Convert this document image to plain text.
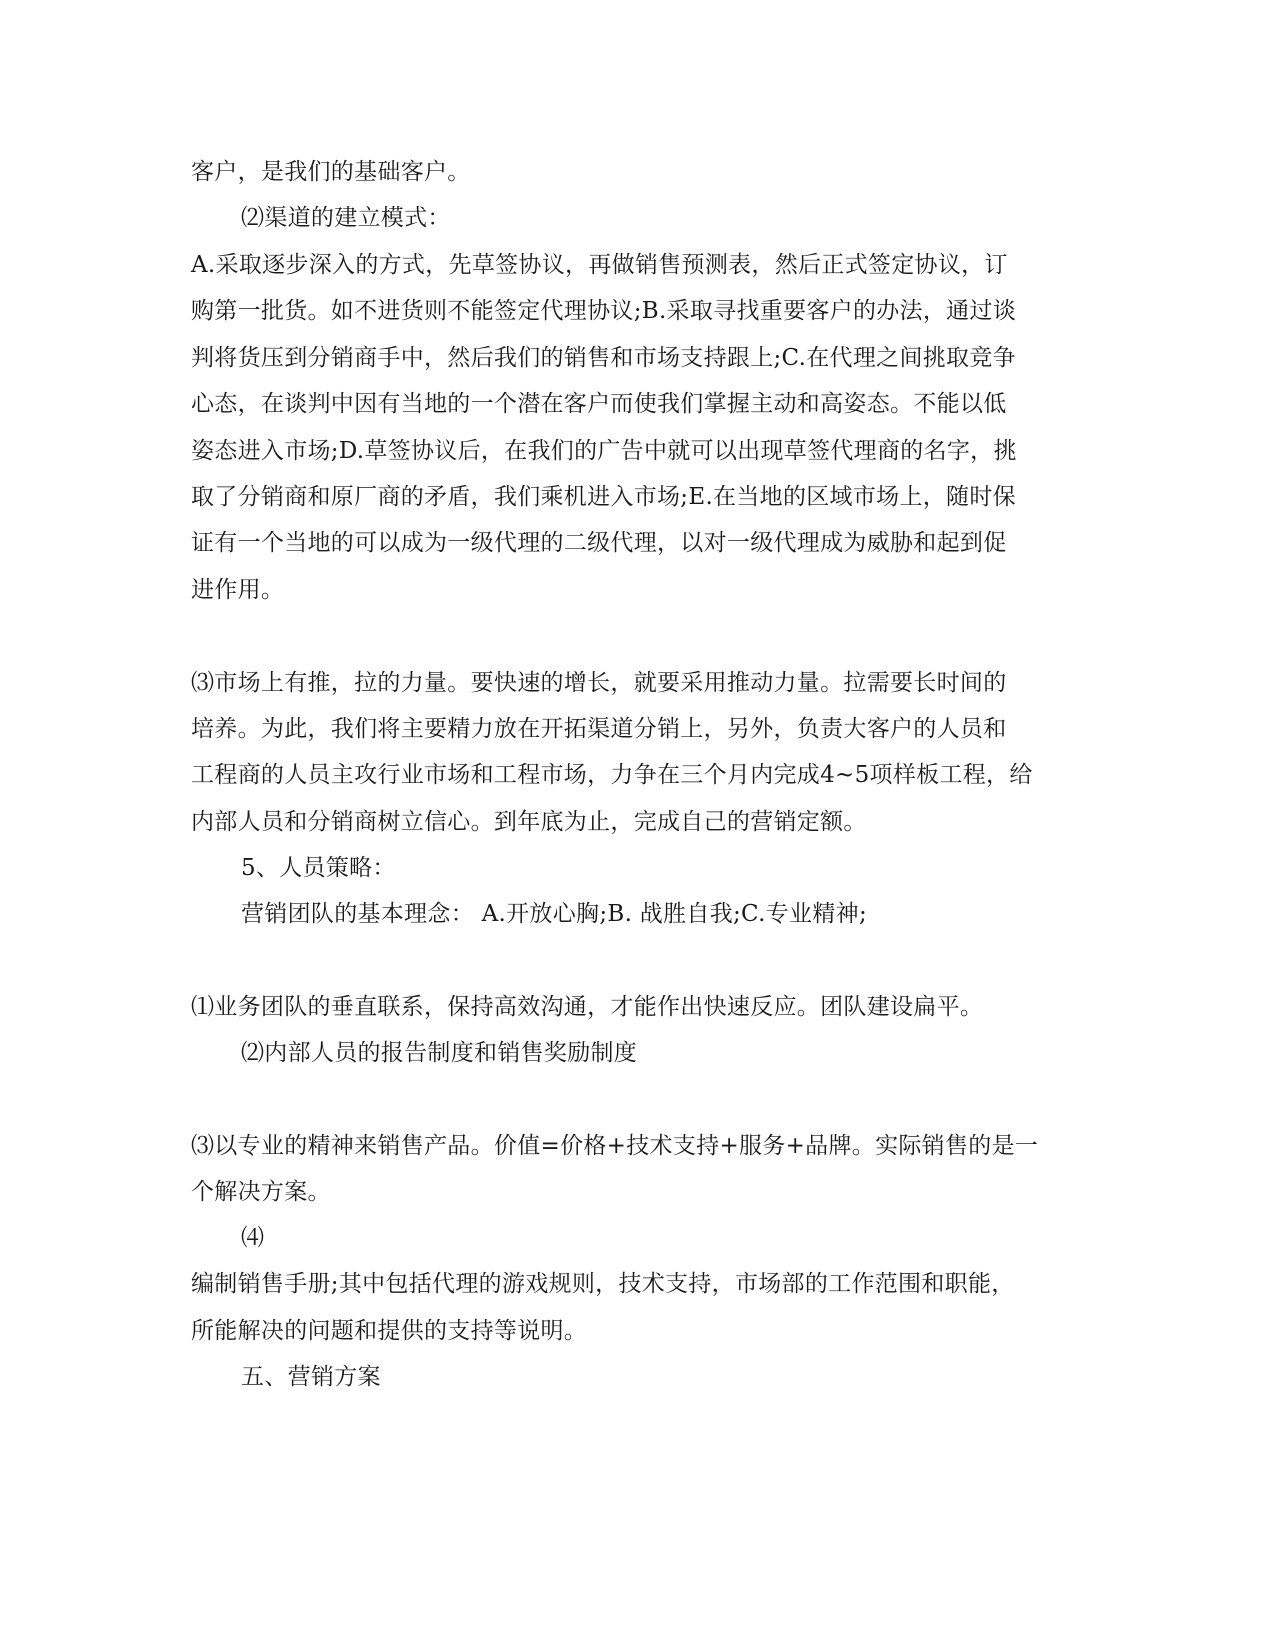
客户，是我们的基础客户。
⑵渠道的建立模式：
A.采取逐步深入的方式，先草签协议，再做销售预测表，然后正式签定协议，订
购第一批货。如不进货则不能签定代理协议;B.采取寻找重要客户的办法，通过谈
判将货压到分销商手中，然后我们的销售和市场支持跟上;C.在代理之间挑取竞争
心态，在谈判中因有当地的一个潜在客户而使我们掌握主动和高姿态。不能以低
姿态进入市场;D.草签协议后，在我们的广告中就可以出现草签代理商的名字，挑
取了分销商和原厂商的矛盾，我们乘机进入市场;E.在当地的区域市场上，随时保
证有一个当地的可以成为一级代理的二级代理，以对一级代理成为威胁和起到促
进作用。
⑶市场上有推，拉的力量。要快速的增长，就要采用推动力量。拉需要长时间的
培养。为此，我们将主要精力放在开拓渠道分销上，另外，负责大客户的人员和
工程商的人员主攻行业市场和工程市场，力争在三个月内完成4~5项样板工程，给
内部人员和分销商树立信心。到年底为止，完成自己的营销定额。
5、人员策略：
营销团队的基本理念： A.开放心胸;B. 战胜自我;C.专业精神;
⑴业务团队的垂直联系，保持高效沟通，才能作出快速反应。团队建设扁平。
⑵内部人员的报告制度和销售奖励制度
⑶以专业的精神来销售产品。价值=价格+技术支持+服务+品牌。实际销售的是一
个解决方案。
⑷
编制销售手册;其中包括代理的游戏规则，技术支持，市场部的工作范围和职能，
所能解决的问题和提供的支持等说明。
五、营销方案
